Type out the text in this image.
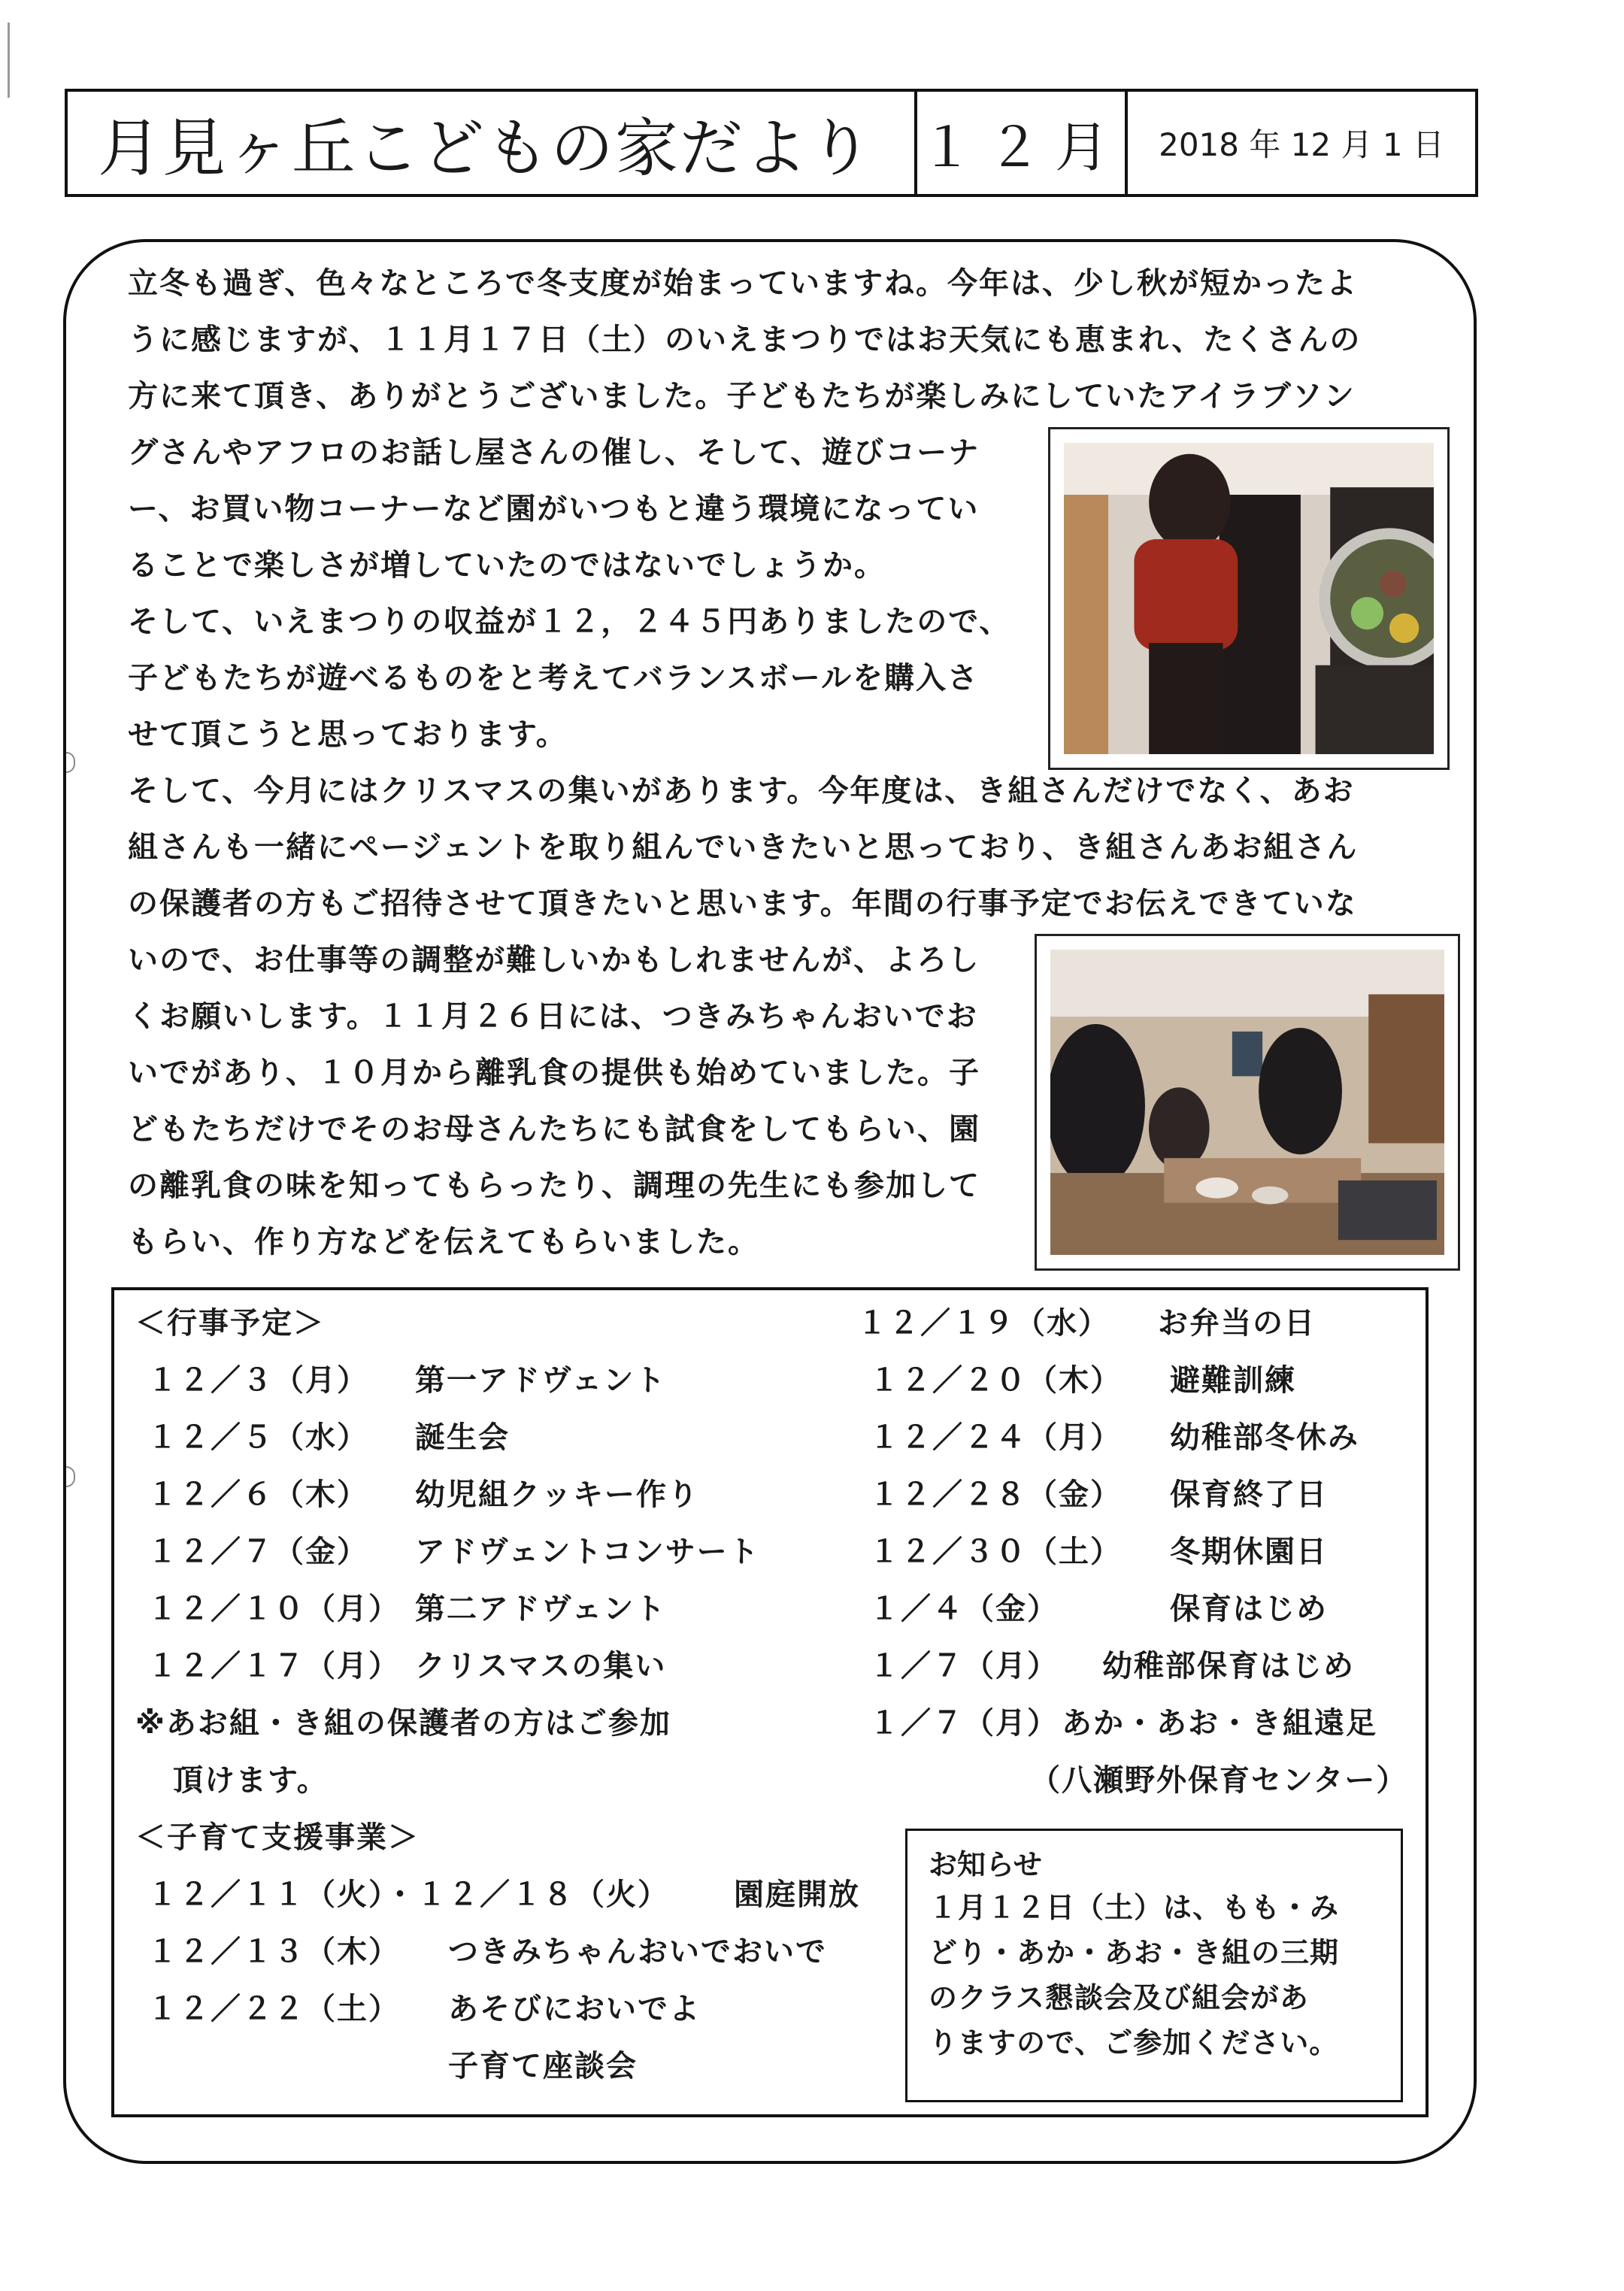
月見ヶ丘こどもの家だより １２月	2018 年 12 月 1 日
立冬も過ぎ、色々なところで冬支度が始まっていますね。今年は、少し秋が短かったよ
うに感じますが、１１月１７日（土）のいえまつりではお天気にも恵まれ、たくさんの
方に来て頂き、ありがとうございました。子どもたちが楽しみにしていたアイラブソン
グさんやアフロのお話し屋さんの催し、そして、遊びコーナ
ー、お買い物コーナーなど園がいつもと違う環境になってい
ることで楽しさが増していたのではないでしょうか。
そして、いえまつりの収益が１２，２４５円ありましたので、
子どもたちが遊べるものをと考えてバランスボールを購入さ
せて頂こうと思っております。
そして、今月にはクリスマスの集いがあります。今年度は、き組さんだけでなく、あお
組さんも一緒にページェントを取り組んでいきたいと思っており、き組さんあお組さん
の保護者の方もご招待させて頂きたいと思います。年間の行事予定でお伝えできていな
いので、お仕事等の調整が難しいかもしれませんが、よろし
くお願いします。１１月２６日には、つきみちゃんおいでお
いでがあり、１０月から離乳食の提供も始めていました。子
どもたちだけでそのお母さんたちにも試食をしてもらい、園
の離乳食の味を知ってもらったり、調理の先生にも参加して
もらい、作り方などを伝えてもらいました。
＜行事予定＞
１２／３（月） 第一アドヴェント
１２／５（水） 誕生会
１２／６（木） 幼児組クッキー作り
１２／７（金） アドヴェントコンサート
１２／１０（月） 第二アドヴェント
１２／１７（月） クリスマスの集い
※あお組・き組の保護者の方はご参加
頂けます。
１２／１９（水） お弁当の日
１２／２０（木） 避難訓練
１２／２４（月） 幼稚部冬休み
１２／２８（金） 保育終了日
１２／３０（土） 冬期休園日
１／４（金）	保育はじめ
１／７（月） 幼稚部保育はじめ
１／７（月） あか・あお・き組遠足
（八瀬野外保育センター）
＜子育て支援事業＞
１２／１１（火）・１２／１８（火） 園庭開放
１２／１３（木） つきみちゃんおいでおいで
１２／２２（土） あそびにおいでよ
子育て座談会
お知らせ
１月１２日（土）は、もも・み
どり・あか・あお・き組の三期
のクラス懇談会及び組会があ
りますので、ご参加ください。
